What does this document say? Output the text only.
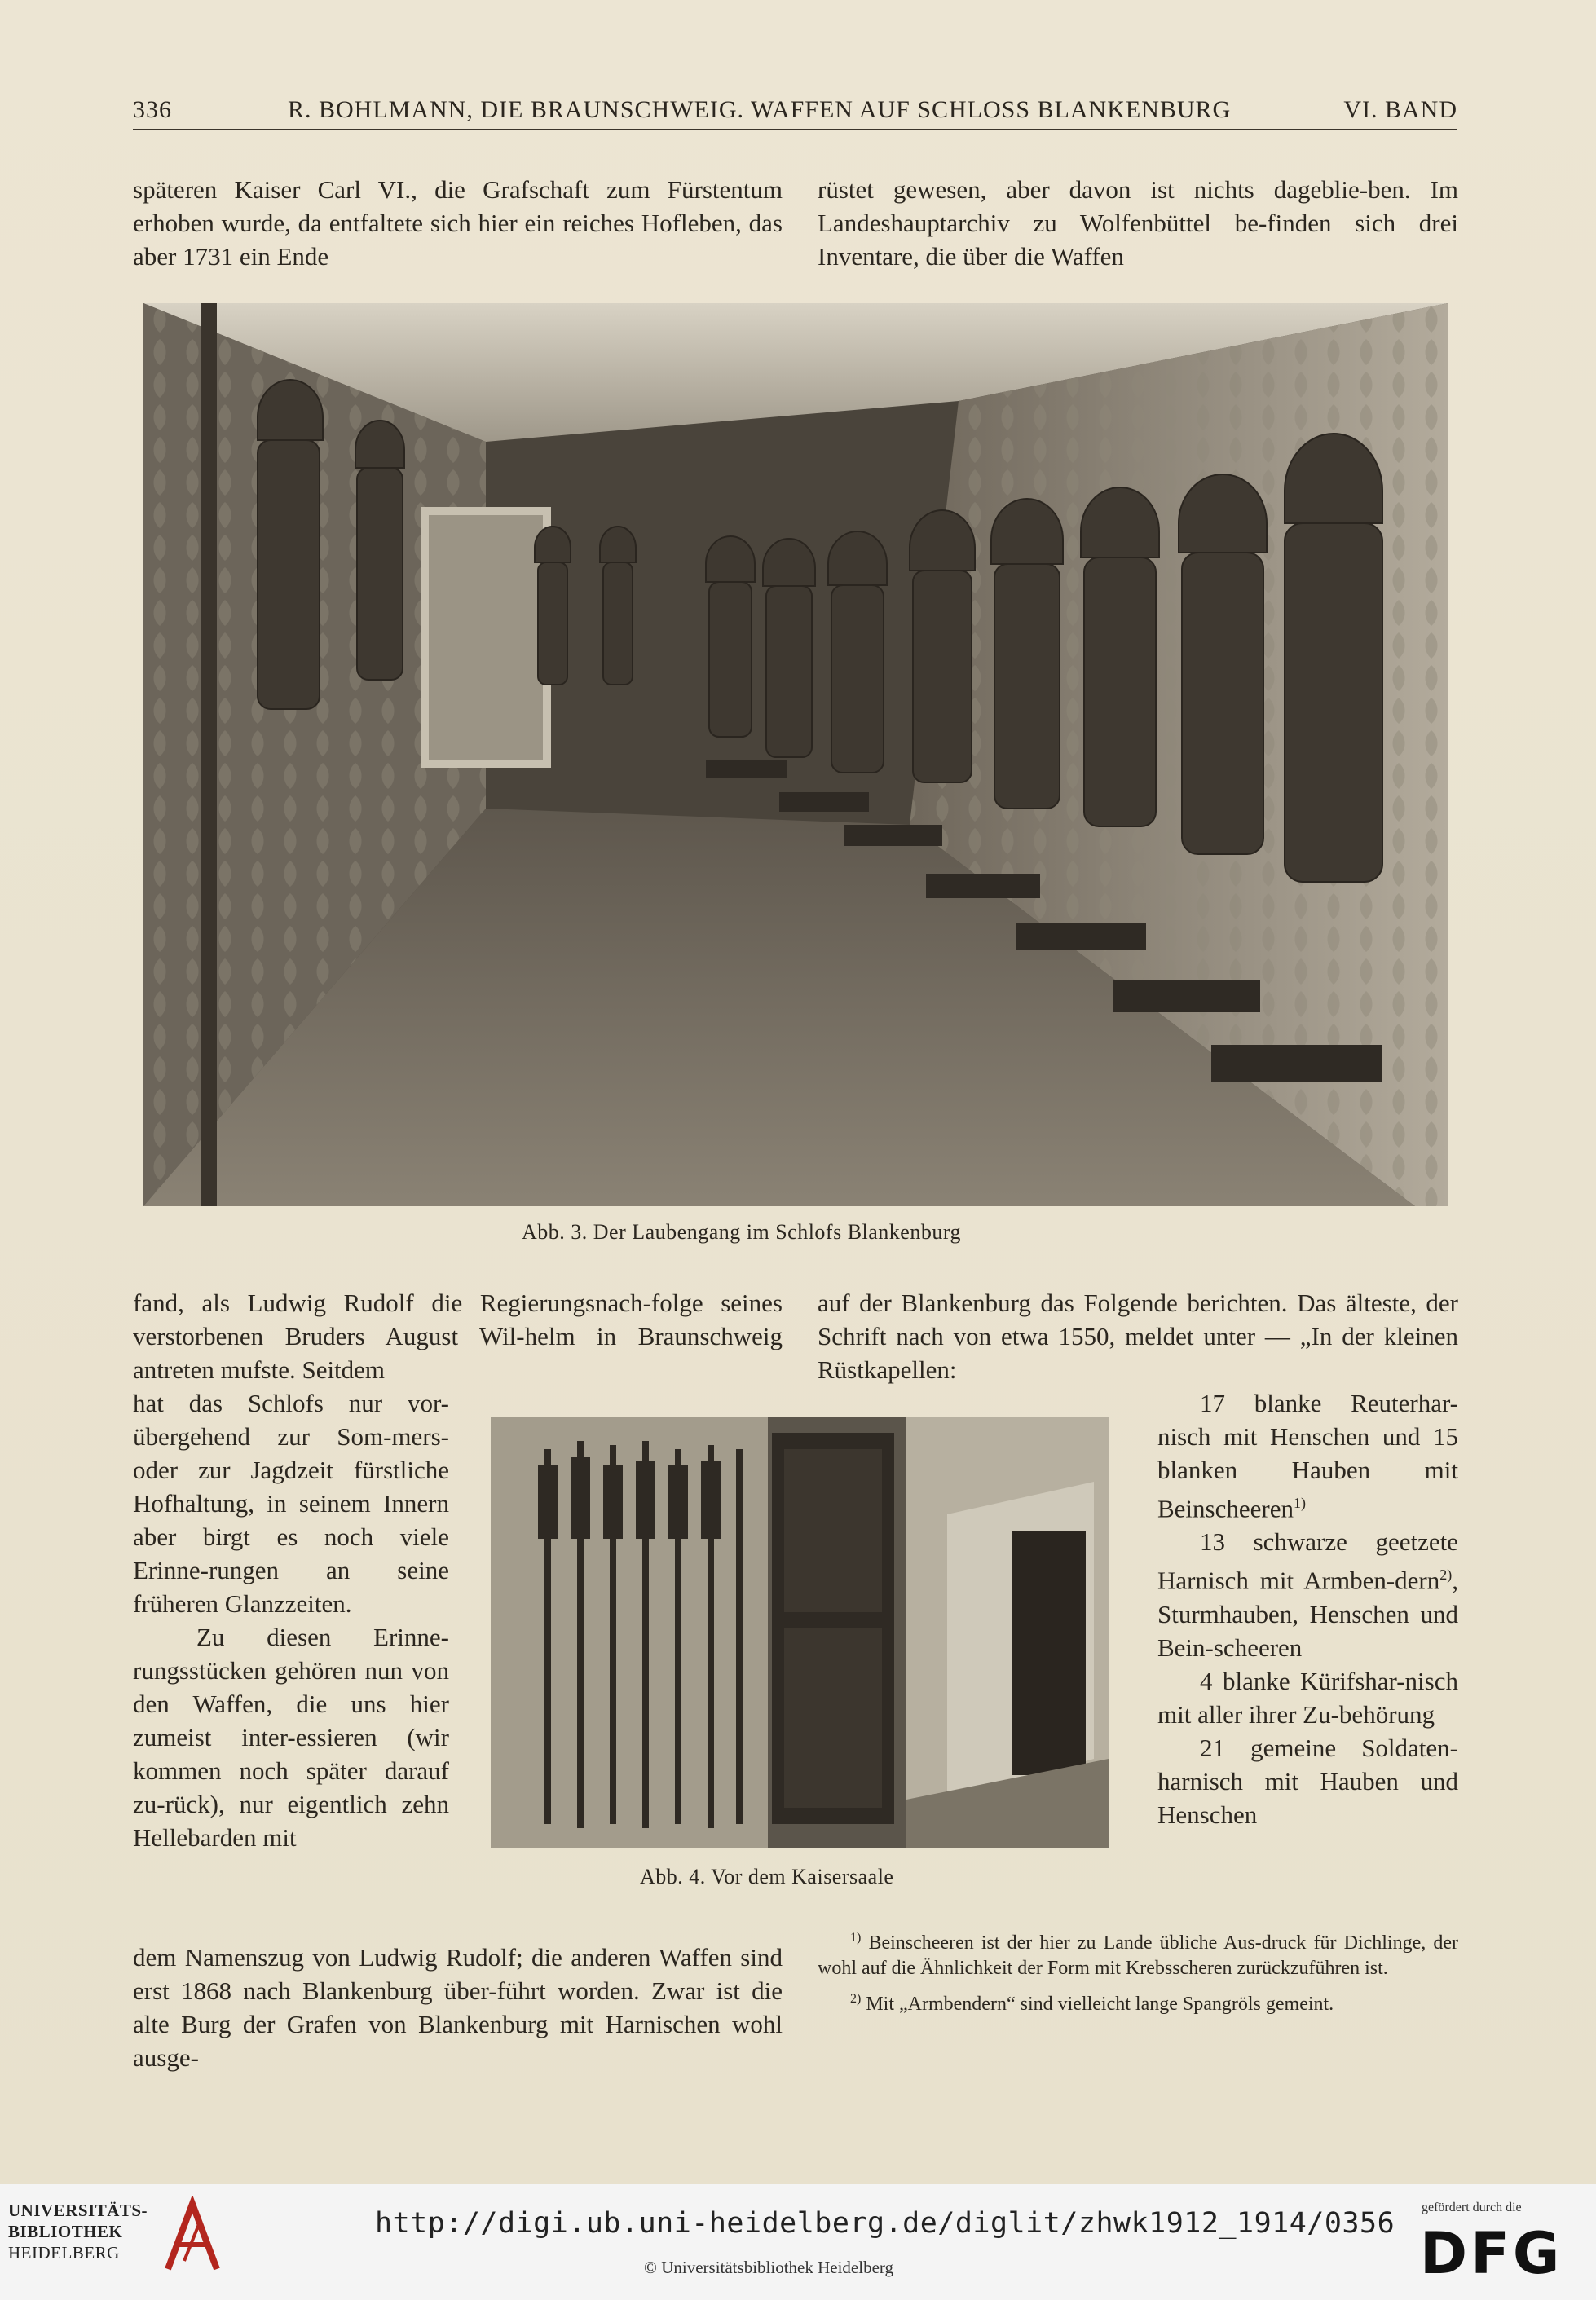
336	R. BOHLMANN, DIE BRAUNSCHWEIG. WAFFEN AUF SCHLOSS BLANKENBURG	VI. BAND

späteren Kaiser Carl VI., die Grafschaft zum Fürstentum erhoben wurde, da entfaltete sich hier ein reiches Hofleben, das aber 1731 ein Ende

rüstet gewesen, aber davon ist nichts dageblie-ben. Im Landeshauptarchiv zu Wolfenbüttel be-finden sich drei Inventare, die über die Waffen

Abb. 3. Der Laubengang im Schlofs Blankenburg

fand, als Ludwig Rudolf die Regierungsnach-folge seines verstorbenen Bruders August Wil-helm in Braunschweig antreten mufste. Seitdem

hat das Schlofs nur vor-übergehend zur Som-mers- oder zur Jagdzeit fürstliche Hofhaltung, in seinem Innern aber birgt es noch viele Erinne-rungen an seine früheren Glanzzeiten.

Zu diesen Erinne-rungsstücken gehören nun von den Waffen, die uns hier zumeist inter-essieren (wir kommen noch später darauf zu-rück), nur eigentlich zehn Hellebarden mit

dem Namenszug von Ludwig Rudolf; die anderen Waffen sind erst 1868 nach Blankenburg über-führt worden. Zwar ist die alte Burg der Grafen von Blankenburg mit Harnischen wohl ausge-

Abb. 4. Vor dem Kaisersaale

auf der Blankenburg das Folgende berichten. Das älteste, der Schrift nach von etwa 1550, meldet unter — „In der kleinen Rüstkapellen:

17 blanke Reuterhar-nisch mit Henschen und 15 blanken Hauben mit Beinscheeren$^{1)}$

13 schwarze geetzete Harnisch mit Armben-dern$^{2)}$, Sturmhauben, Henschen und Bein-scheeren

4 blanke Kürifshar-nisch mit aller ihrer Zu-behörung

21 gemeine Soldaten-harnisch mit Hauben und Henschen

$^{1)}$ Beinscheeren ist der hier zu Lande übliche Aus-druck für Dichlinge, der wohl auf die Ähnlichkeit der Form mit Krebsscheren zurückzuführen ist.

$^{2)}$ Mit „Armbendern“ sind vielleicht lange Spangröls gemeint.

UNIVERSITÄTS-
BIBLIOTHEK
HEIDELBERG
http://digi.ub.uni-heidelberg.de/diglit/zhwk1912_1914/0356
© Universitätsbibliothek Heidelberg
gefördert durch die
DFG
